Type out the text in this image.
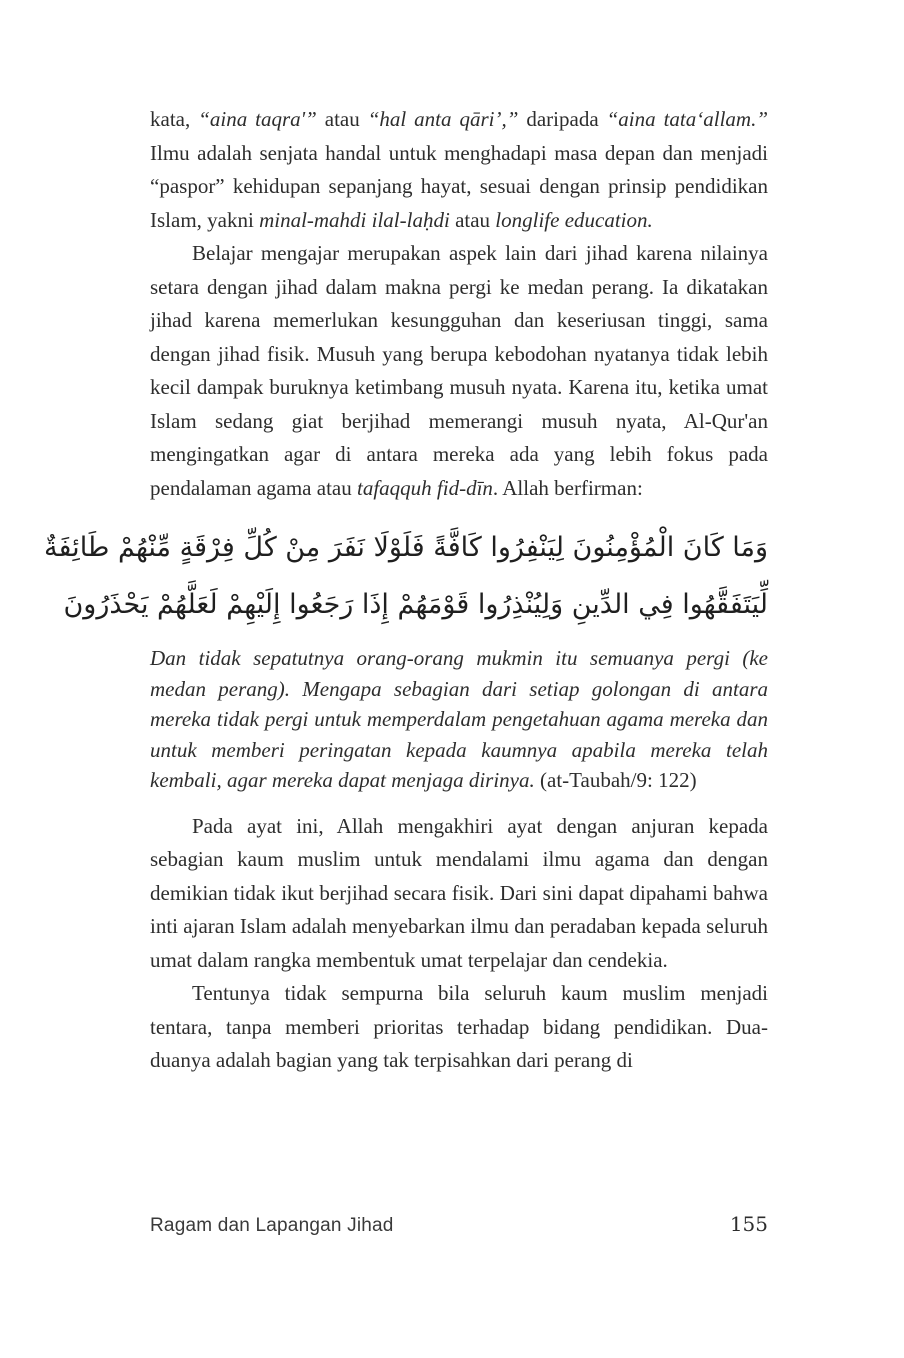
kata, “aina taqra'” atau “hal anta qāri’,” daripada “aina tata‘allam.” Ilmu adalah senjata handal untuk menghadapi masa depan dan menjadi “paspor” kehidupan sepanjang hayat, sesuai dengan prinsip pendidikan Islam, yakni minal-mahdi ilal-laḥdi atau longlife education.

Belajar mengajar merupakan aspek lain dari jihad karena nilainya setara dengan jihad dalam makna pergi ke medan perang. Ia dikatakan jihad karena memerlukan kesungguhan dan keseriusan tinggi, sama dengan jihad fisik. Musuh yang berupa kebodohan nyatanya tidak lebih kecil dampak buruknya ketimbang musuh nyata. Karena itu, ketika umat Islam sedang giat berjihad memerangi musuh nyata, Al-Qur'an mengingatkan agar di antara mereka ada yang lebih fokus pada pendalaman agama atau tafaqquh fid-dīn. Allah berfirman:

وَمَا كَانَ الْمُؤْمِنُونَ لِيَنْفِرُوا كَافَّةً فَلَوْلَا نَفَرَ مِنْ كُلِّ فِرْقَةٍ مِّنْهُمْ طَائِفَةٌ
لِّيَتَفَقَّهُوا فِي الدِّينِ وَلِيُنْذِرُوا قَوْمَهُمْ إِذَا رَجَعُوا إِلَيْهِمْ لَعَلَّهُمْ يَحْذَرُونَ

Dan tidak sepatutnya orang-orang mukmin itu semuanya pergi (ke medan perang). Mengapa sebagian dari setiap golongan di antara mereka tidak pergi untuk memperdalam pengetahuan agama mereka dan untuk memberi peringatan kepada kaumnya apabila mereka telah kembali, agar mereka dapat menjaga dirinya. (at-Taubah/9: 122)

Pada ayat ini, Allah mengakhiri ayat dengan anjuran kepada sebagian kaum muslim untuk mendalami ilmu agama dan dengan demikian tidak ikut berjihad secara fisik. Dari sini dapat dipahami bahwa inti ajaran Islam adalah menyebarkan ilmu dan peradaban kepada seluruh umat dalam rangka membentuk umat terpelajar dan cendekia.

Tentunya tidak sempurna bila seluruh kaum muslim menjadi tentara, tanpa memberi prioritas terhadap bidang pendidikan. Dua-duanya adalah bagian yang tak terpisahkan dari perang di

Ragam dan Lapangan Jihad	155
